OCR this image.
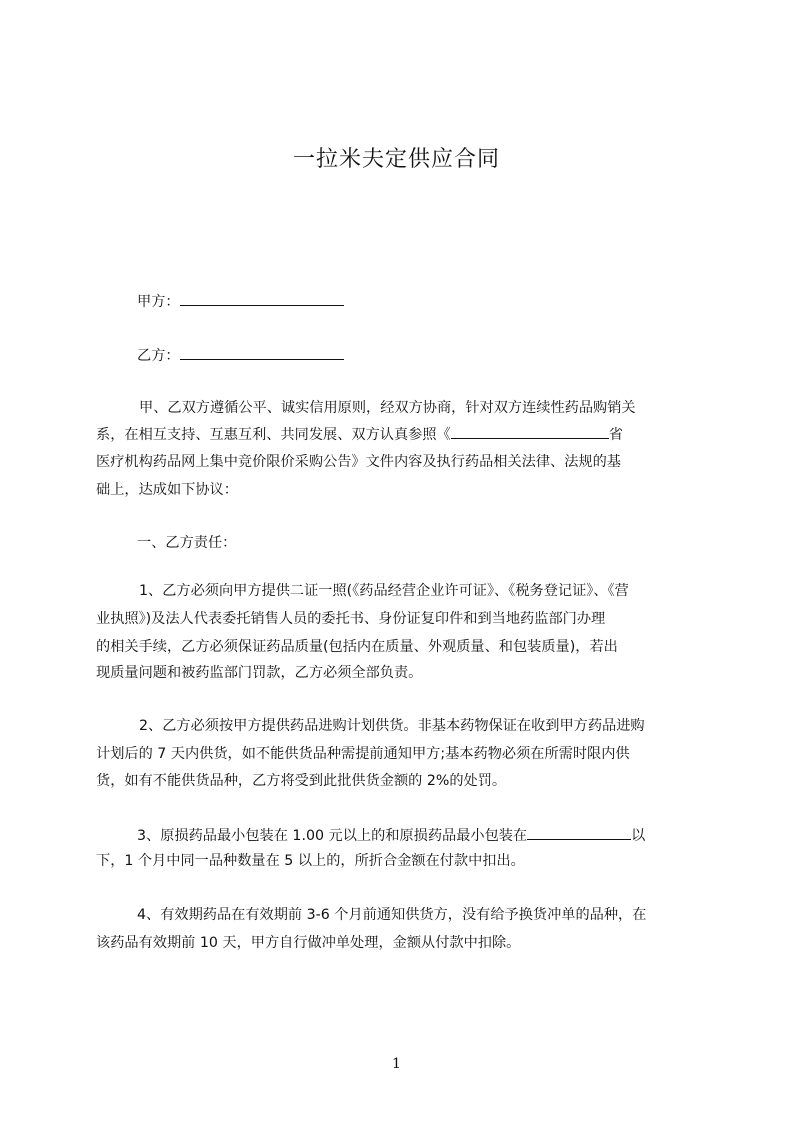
一拉米夫定供应合同
甲方：
乙方：
甲、乙双方遵循公平、诚实信用原则，经双方协商，针对双方连续性药品购销关
系，在相互支持、互惠互利、共同发展、双方认真参照《	省
医疗机构药品网上集中竞价限价采购公告》文件内容及执行药品相关法律、法规的基
础上，达成如下协议：
一、乙方责任：
1、乙方必须向甲方提供二证一照(《药品经营企业许可证》、《税务登记证》、《营
业执照》)及法人代表委托销售人员的委托书、身份证复印件和到当地药监部门办理
的相关手续，乙方必须保证药品质量(包括内在质量、外观质量、和包装质量)，若出
现质量问题和被药监部门罚款，乙方必须全部负责。
2、乙方必须按甲方提供药品进购计划供货。非基本药物保证在收到甲方药品进购
计划后的 7 天内供货，如不能供货品种需提前通知甲方;基本药物必须在所需时限内供
货，如有不能供货品种，乙方将受到此批供货金额的 2%的处罚。
3、原损药品最小包装在 1.00 元以上的和原损药品最小包装在	以
下，1 个月中同一品种数量在 5 以上的，所折合金额在付款中扣出。
4、有效期药品在有效期前 3-6 个月前通知供货方，没有给予换货冲单的品种，在
该药品有效期前 10 天，甲方自行做冲单处理，金额从付款中扣除。
1
